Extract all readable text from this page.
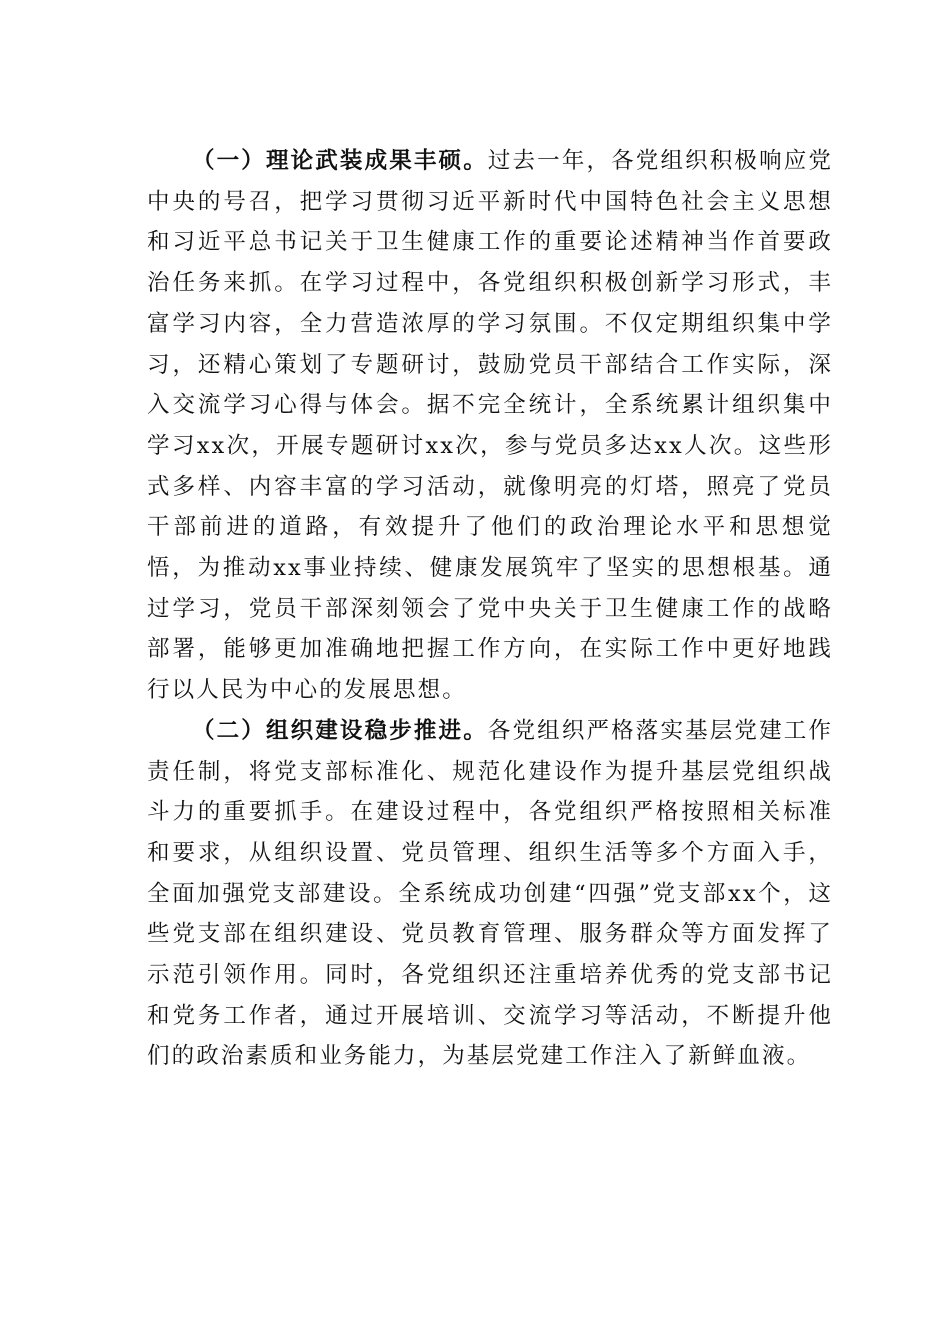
（一）理论武装成果丰硕。过去一年，各党组织积极响应党中央的号召，把学习贯彻习近平新时代中国特色社会主义思想和习近平总书记关于卫生健康工作的重要论述精神当作首要政治任务来抓。在学习过程中，各党组织积极创新学习形式，丰富学习内容，全力营造浓厚的学习氛围。不仅定期组织集中学习，还精心策划了专题研讨，鼓励党员干部结合工作实际，深入交流学习心得与体会。据不完全统计，全系统累计组织集中学习xx次，开展专题研讨xx次，参与党员多达xx人次。这些形式多样、内容丰富的学习活动，就像明亮的灯塔，照亮了党员干部前进的道路，有效提升了他们的政治理论水平和思想觉悟，为推动xx事业持续、健康发展筑牢了坚实的思想根基。通过学习，党员干部深刻领会了党中央关于卫生健康工作的战略部署，能够更加准确地把握工作方向，在实际工作中更好地践行以人民为中心的发展思想。

（二）组织建设稳步推进。各党组织严格落实基层党建工作责任制，将党支部标准化、规范化建设作为提升基层党组织战斗力的重要抓手。在建设过程中，各党组织严格按照相关标准和要求，从组织设置、党员管理、组织生活等多个方面入手，全面加强党支部建设。全系统成功创建“四强”党支部xx个，这些党支部在组织建设、党员教育管理、服务群众等方面发挥了示范引领作用。同时，各党组织还注重培养优秀的党支部书记和党务工作者，通过开展培训、交流学习等活动，不断提升他们的政治素质和业务能力，为基层党建工作注入了新鲜血液。
